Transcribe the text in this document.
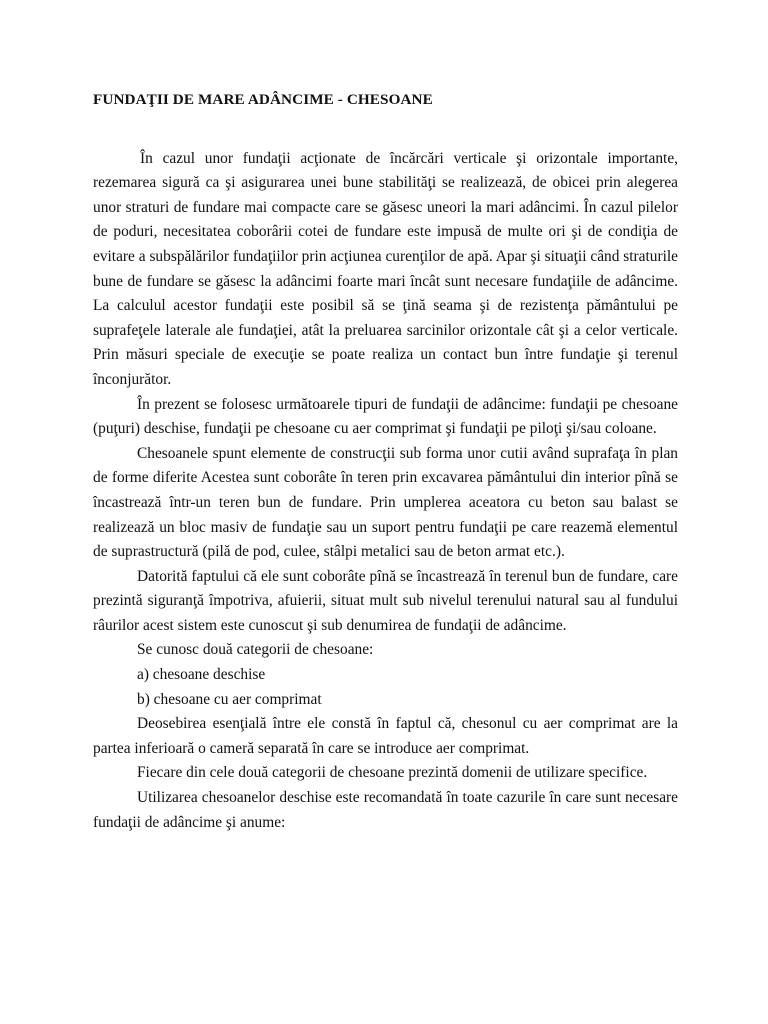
FUNDAŢII DE MARE ADÂNCIME - CHESOANE

În cazul unor fundaţii acţionate de încărcări verticale şi orizontale importante, rezemarea sigură ca şi asigurarea unei bune stabilităţi se realizează, de obicei prin alegerea unor straturi de fundare mai compacte care se găsesc uneori la mari adâncimi. În cazul pilelor de poduri, necesitatea coborârii cotei de fundare este impusă de multe ori şi de condiţia de evitare a subspălărilor fundaţiilor prin acţiunea curenţilor de apă. Apar şi situaţii când straturile bune de fundare se găsesc la adâncimi foarte mari încât sunt necesare fundaţiile de adâncime. La calculul acestor fundaţii este posibil să se ţină seama şi de rezistenţa pământului pe suprafeţele laterale ale fundaţiei, atât la preluarea sarcinilor orizontale cât şi a celor verticale. Prin măsuri speciale de execuţie se poate realiza un contact bun între fundaţie şi terenul înconjurător.

În prezent se folosesc următoarele tipuri de fundaţii de adâncime: fundaţii pe chesoane (puţuri) deschise, fundaţii pe chesoane cu aer comprimat şi fundaţii pe piloţi şi/sau coloane.

Chesoanele spunt elemente de construcţii sub forma unor cutii având suprafaţa în plan de forme diferite Acestea sunt coborâte în teren prin excavarea pământului din interior pînă se încastrează într-un teren bun de fundare. Prin umplerea aceatora cu beton sau balast se realizează un bloc masiv de fundaţie sau un suport pentru fundaţii pe care reazemă elementul de suprastructură (pilă de pod, culee, stâlpi metalici sau de beton armat etc.).

Datorită faptului că ele sunt coborâte pînă se încastrează în terenul bun de fundare, care prezintă siguranţă împotriva, afuierii, situat mult sub nivelul terenului natural sau al fundului râurilor acest sistem este cunoscut şi sub denumirea de fundaţii de adâncime.

Se cunosc două categorii de chesoane:

a) chesoane deschise

b) chesoane cu aer comprimat

Deosebirea esenţială între ele constă în faptul că, chesonul cu aer comprimat are la partea inferioară o cameră separată în care se introduce aer comprimat.

Fiecare din cele două categorii de chesoane prezintă domenii de utilizare specifice.

Utilizarea chesoanelor deschise este recomandată în toate cazurile în care sunt necesare fundaţii de adâncime şi anume:
